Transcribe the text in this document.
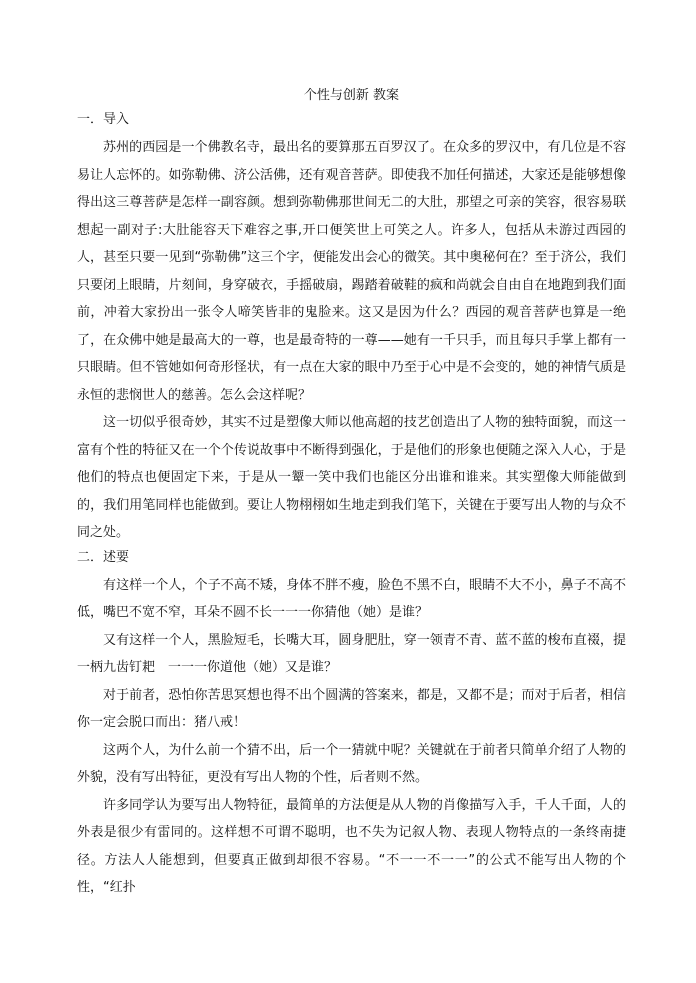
个性与创新 教案
一．导入

苏州的西园是一个佛教名寺，最出名的要算那五百罗汉了。在众多的罗汉中，有几位是不容易让人忘怀的。如弥勒佛、济公活佛，还有观音菩萨。即使我不加任何描述，大家还是能够想像得出这三尊菩萨是怎样一副容颜。想到弥勒佛那世间无二的大肚，那望之可亲的笑容，很容易联想起一副对子:大肚能容天下难容之事,开口便笑世上可笑之人。许多人，包括从未游过西园的人，甚至只要一见到“弥勒佛”这三个字，便能发出会心的微笑。其中奥秘何在？至于济公，我们只要闭上眼睛，片刻间，身穿破衣，手摇破扇，踢踏着破鞋的疯和尚就会自由自在地跑到我们面前，冲着大家扮出一张令人啼笑皆非的鬼脸来。这又是因为什么？西园的观音菩萨也算是一绝了，在众佛中她是最高大的一尊，也是最奇特的一尊——她有一千只手，而且每只手掌上都有一只眼睛。但不管她如何奇形怪状，有一点在大家的眼中乃至于心中是不会变的，她的神情气质是永恒的悲悯世人的慈善。怎么会这样呢？

这一切似乎很奇妙，其实不过是塑像大师以他高超的技艺创造出了人物的独特面貌，而这一富有个性的特征又在一个个传说故事中不断得到强化，于是他们的形象也便随之深入人心，于是他们的特点也便固定下来，于是从一颦一笑中我们也能区分出谁和谁来。其实塑像大师能做到的，我们用笔同样也能做到。要让人物栩栩如生地走到我们笔下，关键在于要写出人物的与众不同之处。

二．述要

有这样一个人，个子不高不矮，身体不胖不瘦，脸色不黑不白，眼睛不大不小，鼻子不高不低，嘴巴不宽不窄，耳朵不圆不长一一一你猜他（她）是谁？

又有这样一个人，黑脸短毛，长嘴大耳，圆身肥肚，穿一领青不青、蓝不蓝的梭布直裰，提一柄九齿钉耙　一一一你道他（她）又是谁？

对于前者，恐怕你苦思冥想也得不出个圆满的答案来，都是，又都不是；而对于后者，相信你一定会脱口而出：猪八戒！

这两个人，为什么前一个猜不出，后一个一猜就中呢？关键就在于前者只简单介绍了人物的外貌，没有写出特征，更没有写出人物的个性，后者则不然。

许多同学认为要写出人物特征，最简单的方法便是从人物的肖像描写入手，千人千面，人的外表是很少有雷同的。这样想不可谓不聪明，也不失为记叙人物、表现人物特点的一条终南捷径。方法人人能想到，但要真正做到却很不容易。“不一一不一一”的公式不能写出人物的个性，“红扑
